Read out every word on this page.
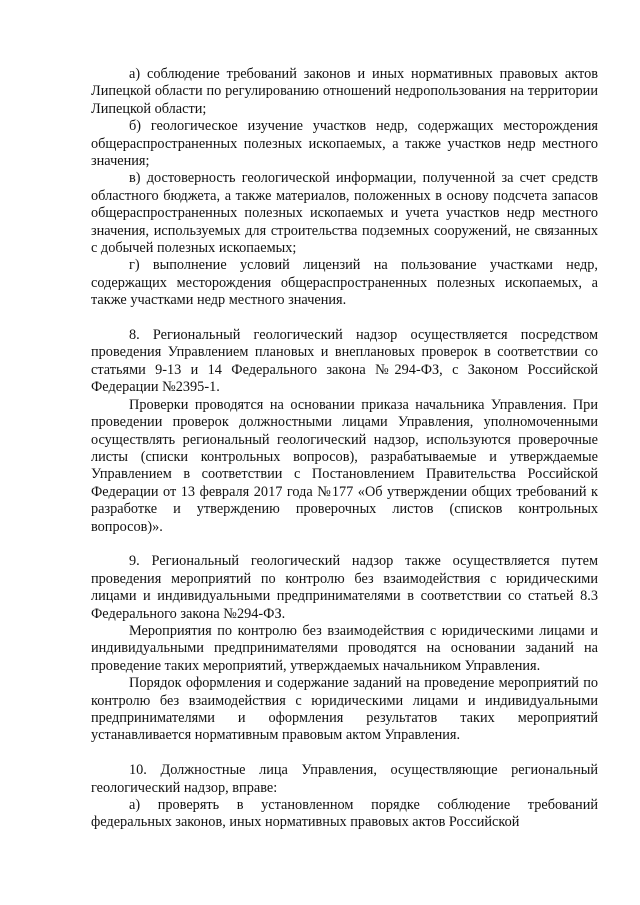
а) соблюдение требований законов и иных нормативных правовых актов Липецкой области по регулированию отношений недропользования на территории Липецкой области;

б) геологическое изучение участков недр, содержащих месторождения общераспространенных полезных ископаемых, а также участков недр местного значения;

в) достоверность геологической информации, полученной за счет средств областного бюджета, а также материалов, положенных в основу подсчета запасов общераспространенных полезных ископаемых и учета участков недр местного значения, используемых для строительства подземных сооружений, не связанных с добычей полезных ископаемых;

г) выполнение условий лицензий на пользование участками недр, содержащих месторождения общераспространенных полезных ископаемых, а также участками недр местного значения.

8. Региональный геологический надзор осуществляется посредством проведения Управлением плановых и внеплановых проверок в соответствии со статьями 9-13 и 14 Федерального закона №294-ФЗ, с Законом Российской Федерации №2395-1.

Проверки проводятся на основании приказа начальника Управления. При проведении проверок должностными лицами Управления, уполномоченными осуществлять региональный геологический надзор, используются проверочные листы (списки контрольных вопросов), разрабатываемые и утверждаемые Управлением в соответствии с Постановлением Правительства Российской Федерации от 13 февраля 2017 года №177 «Об утверждении общих требований к разработке и утверждению проверочных листов (списков контрольных вопросов)».

9. Региональный геологический надзор также осуществляется путем проведения мероприятий по контролю без взаимодействия с юридическими лицами и индивидуальными предпринимателями в соответствии со статьей 8.3 Федерального закона №294-ФЗ.

Мероприятия по контролю без взаимодействия с юридическими лицами и индивидуальными предпринимателями проводятся на основании заданий на проведение таких мероприятий, утверждаемых начальником Управления.

Порядок оформления и содержание заданий на проведение мероприятий по контролю без взаимодействия с юридическими лицами и индивидуальными предпринимателями и оформления результатов таких мероприятий устанавливается нормативным правовым актом Управления.

10. Должностные лица Управления, осуществляющие региональный геологический надзор, вправе:

а) проверять в установленном порядке соблюдение требований федеральных законов, иных нормативных правовых актов Российской
